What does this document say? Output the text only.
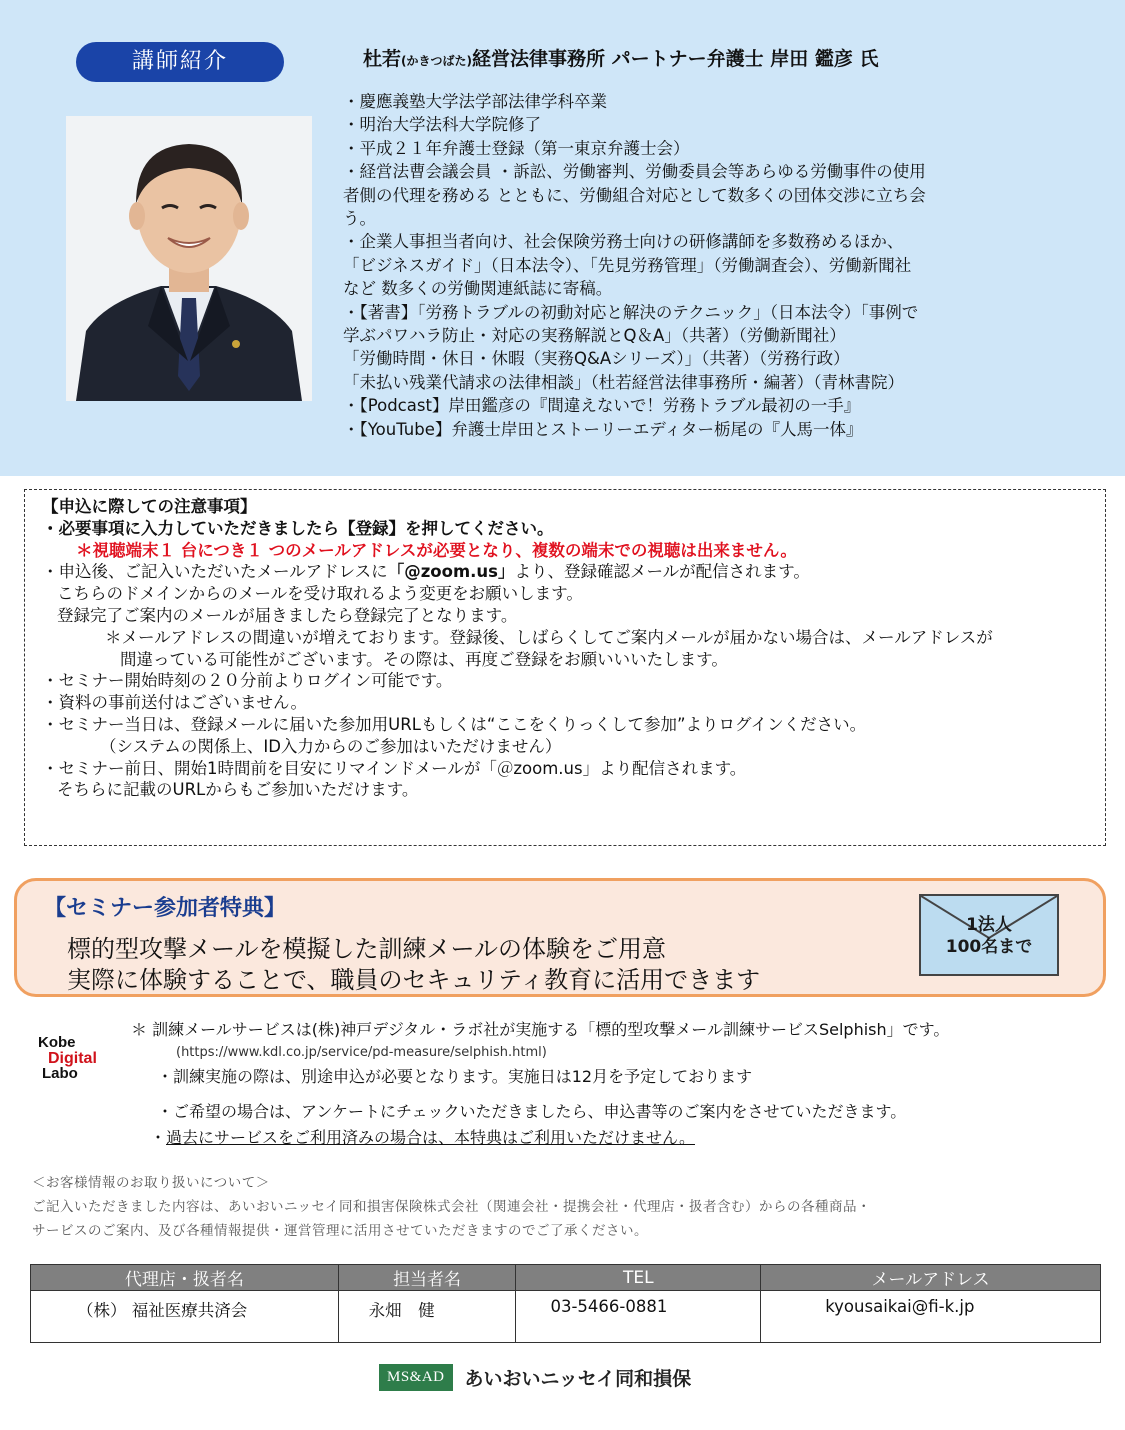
講師紹介	杜若(かきつばた)経営法律事務所 パートナー弁護士 岸田 鑑彦 氏

・慶應義塾大学法学部法律学科卒業

・明治大学法科大学院修了

・平成２１年弁護士登録（第一東京弁護士会）

・経営法曹会議会員 ・訴訟、労働審判、労働委員会等あらゆる労働事件の使用

者側の代理を務める とともに、労働組合対応として数多くの団体交渉に立ち会

う。

・企業人事担当者向け、社会保険労務士向けの研修講師を多数務めるほか、

「ビジネスガイド」（日本法令）、「先見労務管理」（労働調査会）、労働新聞社

など 数多くの労働関連紙誌に寄稿。

・【著書】「労務トラブルの初動対応と解決のテクニック」（日本法令）「事例で

学ぶパワハラ防止・対応の実務解説とQ＆A」（共著）（労働新聞社）

「労働時間・休日・休暇（実務Q&Aシリーズ）」（共著）（労務行政）

「未払い残業代請求の法律相談」（杜若経営法律事務所・編著）（青林書院）

・【Podcast】岸田鑑彦の『間違えないで！労務トラブル最初の一手』

・【YouTube】弁護士岸田とストーリーエディター栃尾の『人馬一体』

【申込に際しての注意事項】

・必要事項に入力していただきましたら【登録】を押してください。

＊視聴端末１ 台につき１ つのメールアドレスが必要となり、複数の端末での視聴は出来ません。

・申込後、ご記入いただいたメールアドレスに「@zoom.us」より、登録確認メールが配信されます。

こちらのドメインからのメールを受け取れるよう変更をお願いします。

登録完了ご案内のメールが届きましたら登録完了となります。

＊メールアドレスの間違いが増えております。登録後、しばらくしてご案内メールが届かない場合は、メールアドレスが

間違っている可能性がございます。その際は、再度ご登録をお願いいいたします。

・セミナー開始時刻の２０分前よりログイン可能です。

・資料の事前送付はございません。

・セミナー当日は、登録メールに届いた参加用URLもしくは“ここをくりっくして参加”よりログインください。

（システムの関係上、ID入力からのご参加はいただけません）

・セミナー前日、開始1時間前を目安にリマインドメールが「＠zoom.us」より配信されます。

そちらに記載のURLからもご参加いただけます。

【セミナー参加者特典】
標的型攻撃メールを模擬した訓練メールの体験をご用意
実際に体験することで、職員のセキュリティ教育に活用できます
1法人
100名まで
Kobe
Digital
Labo
＊ 訓練メールサービスは(株)神戸デジタル・ラボ社が実施する「標的型攻撃メール訓練サービスSelphish」です。
(https://www.kdl.co.jp/service/pd-measure/selphish.html)
・訓練実施の際は、別途申込が必要となります。実施日は12月を予定しております
・ご希望の場合は、アンケートにチェックいただきましたら、申込書等のご案内をさせていただきます。
・過去にサービスをご利用済みの場合は、本特典はご利用いただけません。
＜お客様情報のお取り扱いについて＞
ご記入いただきました内容は、あいおいニッセイ同和損害保険株式会社（関連会社・提携会社・代理店・扱者含む）からの各種商品・
サービスのご案内、及び各種情報提供・運営管理に活用させていただきますのでご了承ください。
代理店・扱者名	担当者名	TEL	メールアドレス
（株） 福祉医療共済会	永畑　健	03-5466-0881	kyousaikai@fi-k.jp
MS&AD	あいおいニッセイ同和損保
